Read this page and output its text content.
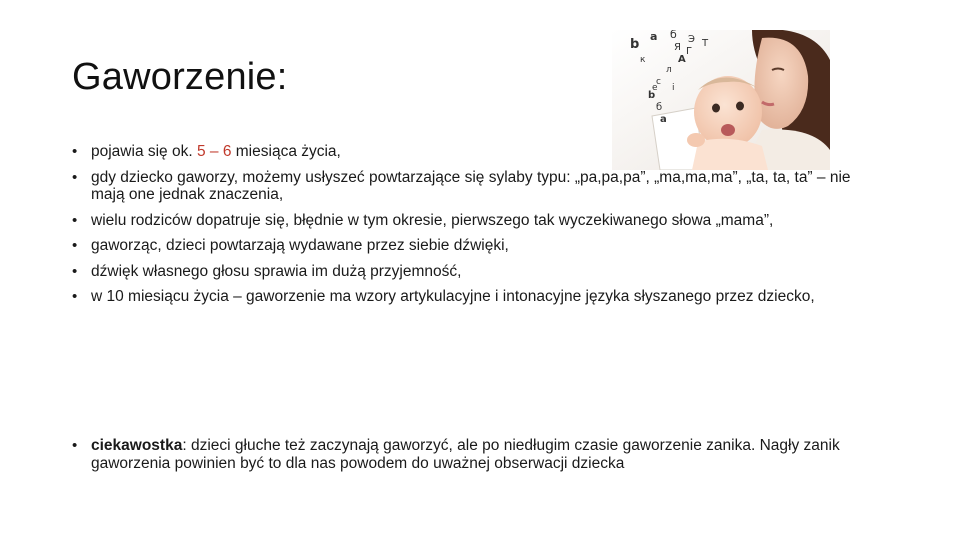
Gaworzenie:
b
a б Э Т
Г
Я
A
к
л
c
i
b
б
a
e
• pojawia się ok. 5 – 6 miesiąca życia,
• gdy dziecko gaworzy, możemy usłyszeć powtarzające się sylaby typu: „pa,pa,pa”, „ma,ma,ma”, „ta, ta, ta” – nie mają one jednak znaczenia,
• wielu rodziców dopatruje się, błędnie w tym okresie, pierwszego tak wyczekiwanego słowa „mama”,
• gaworząc, dzieci powtarzają wydawane przez siebie dźwięki,
• dźwięk własnego głosu sprawia im dużą przyjemność,
• w 10 miesiącu życia – gaworzenie ma wzory artykulacyjne i intonacyjne języka słyszanego przez dziecko,
• ciekawostka: dzieci głuche też zaczynają gaworzyć, ale po niedługim czasie gaworzenie zanika. Nagły zanik gaworzenia powinien być to dla nas powodem do uważnej obserwacji dziecka
